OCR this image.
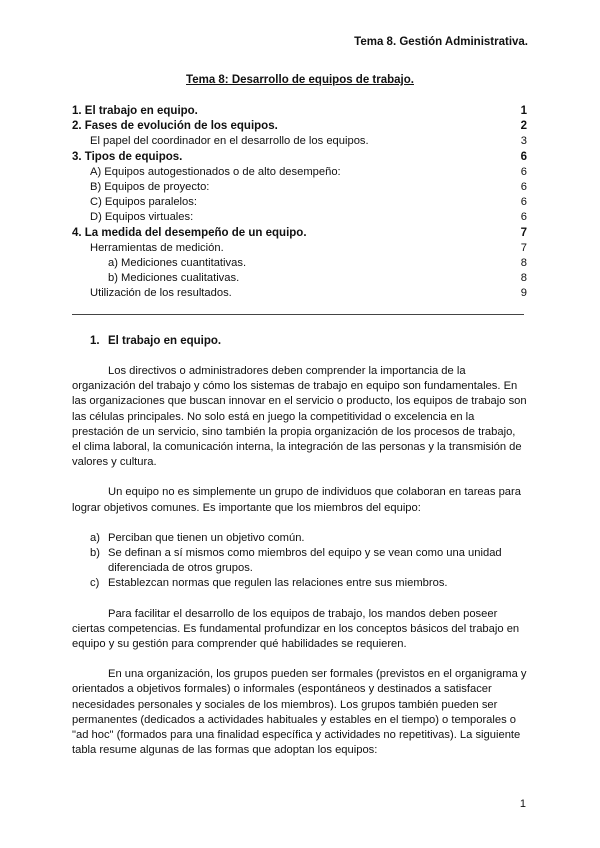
Tema 8. Gestión Administrativa.
Tema 8: Desarrollo de equipos de trabajo.
1. El trabajo en equipo.	1
2. Fases de evolución de los equipos.	2
El papel del coordinador en el desarrollo de los equipos.	3
3. Tipos de equipos.	6
A) Equipos autogestionados o de alto desempeño:	6
B) Equipos de proyecto:	6
C) Equipos paralelos:	6
D) Equipos virtuales:	6
4. La medida del desempeño de un equipo.	7
Herramientas de medición.	7
a) Mediciones cuantitativas.	8
b) Mediciones cualitativas.	8
Utilización de los resultados.	9
1. El trabajo en equipo.

Los directivos o administradores deben comprender la importancia de la organización del trabajo y cómo los sistemas de trabajo en equipo son fundamentales. En las organizaciones que buscan innovar en el servicio o producto, los equipos de trabajo son las células principales. No solo está en juego la competitividad o excelencia en la prestación de un servicio, sino también la propia organización de los procesos de trabajo, el clima laboral, la comunicación interna, la integración de las personas y la transmisión de valores y cultura.

Un equipo no es simplemente un grupo de individuos que colaboran en tareas para lograr objetivos comunes. Es importante que los miembros del equipo:

a) Perciban que tienen un objetivo común.
b) Se definan a sí mismos como miembros del equipo y se vean como una unidad diferenciada de otros grupos.
c) Establezcan normas que regulen las relaciones entre sus miembros.

Para facilitar el desarrollo de los equipos de trabajo, los mandos deben poseer ciertas competencias. Es fundamental profundizar en los conceptos básicos del trabajo en equipo y su gestión para comprender qué habilidades se requieren.

En una organización, los grupos pueden ser formales (previstos en el organigrama y orientados a objetivos formales) o informales (espontáneos y destinados a satisfacer necesidades personales y sociales de los miembros). Los grupos también pueden ser permanentes (dedicados a actividades habituales y estables en el tiempo) o temporales o "ad hoc" (formados para una finalidad específica y actividades no repetitivas). La siguiente tabla resume algunas de las formas que adoptan los equipos:

1
